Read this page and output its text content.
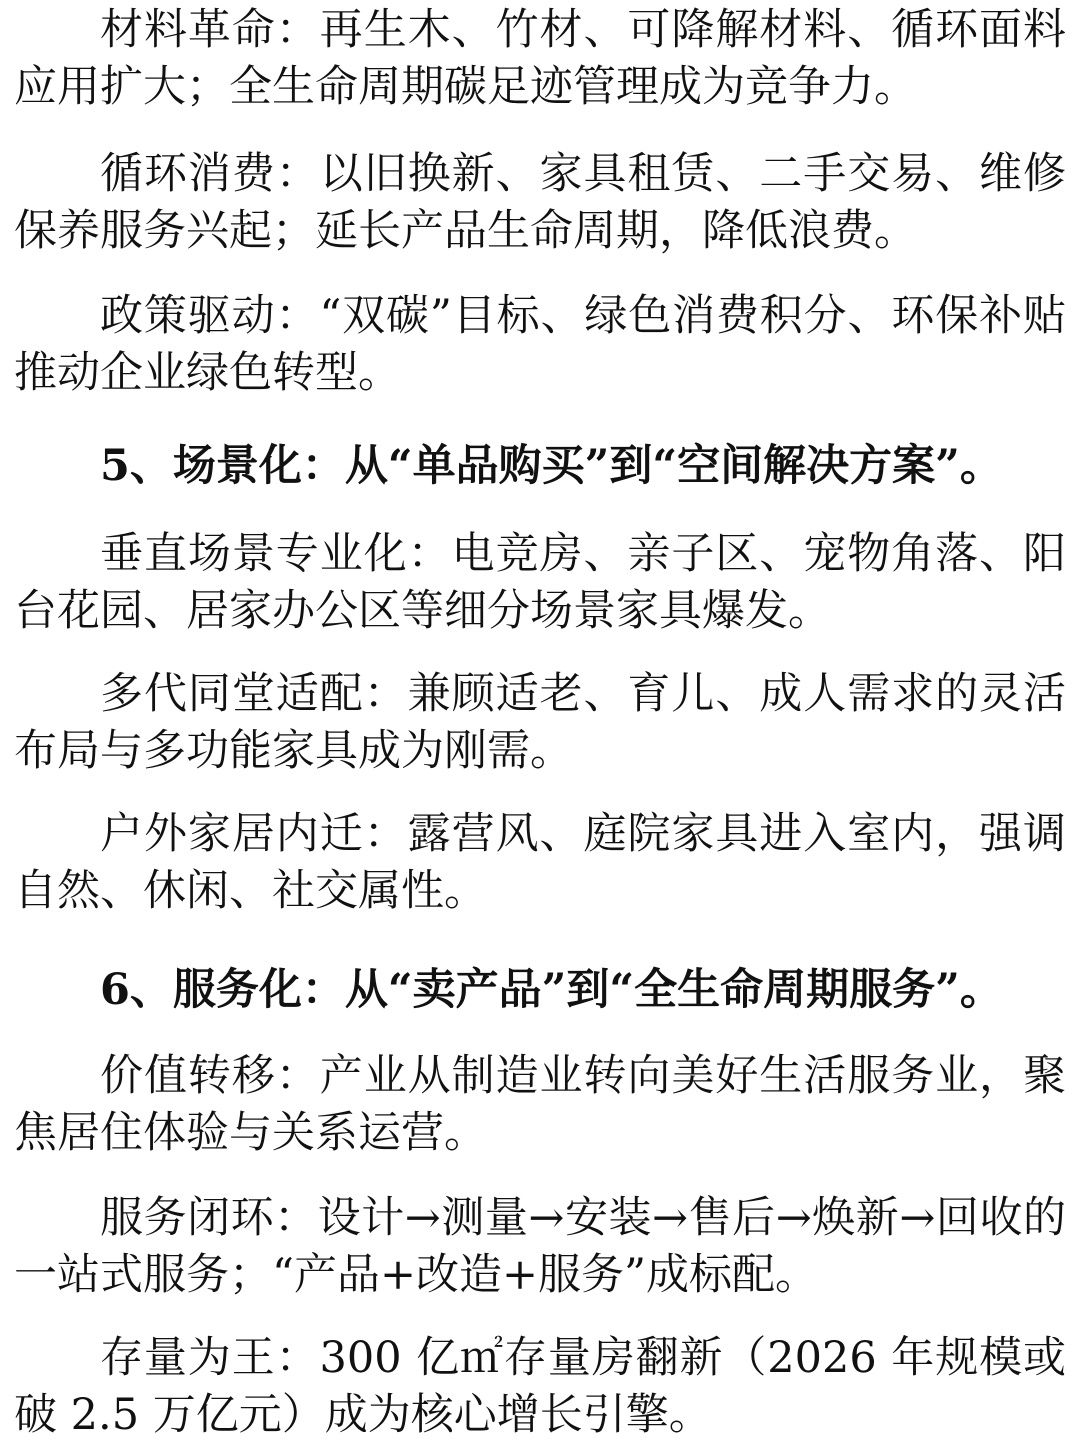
材料革命：再生木、竹材、可降解材料、循环面料应用扩大；全生命周期碳足迹管理成为竞争力。

循环消费：以旧换新、家具租赁、二手交易、维修保养服务兴起；延长产品生命周期，降低浪费。

政策驱动：“双碳”目标、绿色消费积分、环保补贴推动企业绿色转型。

5、场景化：从“单品购买”到“空间解决方案”。

垂直场景专业化：电竞房、亲子区、宠物角落、阳台花园、居家办公区等细分场景家具爆发。

多代同堂适配：兼顾适老、育儿、成人需求的灵活布局与多功能家具成为刚需。

户外家居内迁：露营风、庭院家具进入室内，强调自然、休闲、社交属性。

6、服务化：从“卖产品”到“全生命周期服务”。

价值转移：产业从制造业转向美好生活服务业，聚焦居住体验与关系运营。

服务闭环：设计→测量→安装→售后→焕新→回收的一站式服务；“产品+改造+服务”成标配。

存量为王：300 亿㎡存量房翻新（2026 年规模或破 2.5 万亿元）成为核心增长引擎。
